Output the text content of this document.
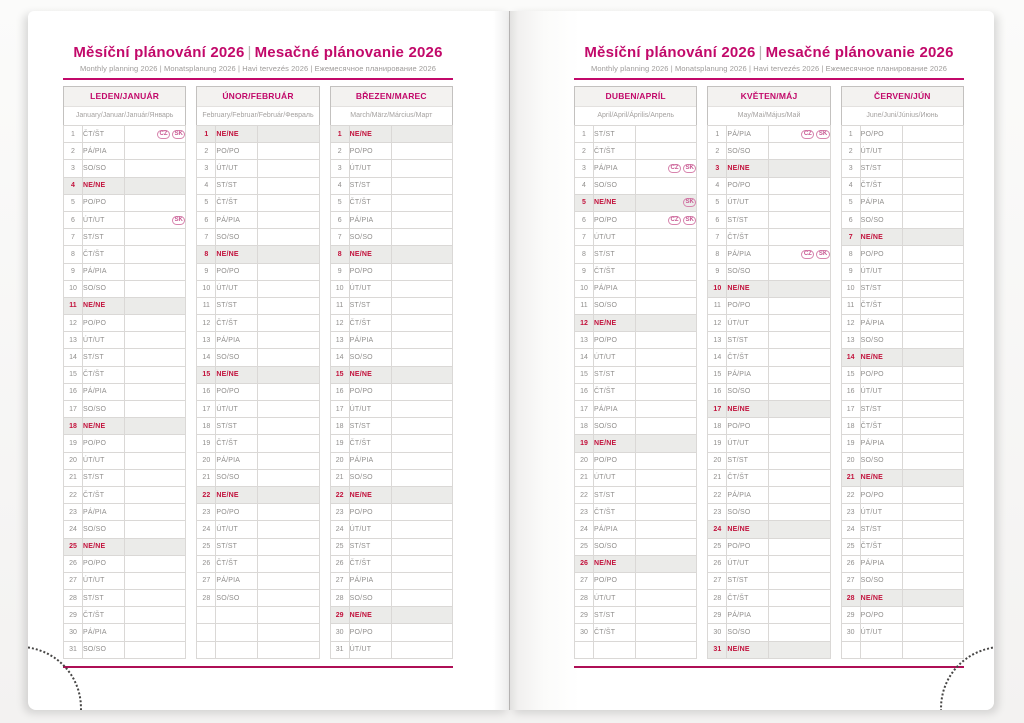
Měsíční plánování 2026 | Mesačné plánovanie 2026
Monthly planning 2026 | Monatsplanung 2026 | Havi tervezés 2026 | Ежемесячное планирование 2026
LEDEN/JANUÁR
January/Januar/Január/Январь
1	ČT/ŠT	CZ SK
2	PÁ/PIA	
3	SO/SO	
4	NE/NE	
5	PO/PO	
6	ÚT/UT	SK
7	ST/ST	
8	ČT/ŠT	
9	PÁ/PIA	
10	SO/SO	
11	NE/NE	
12	PO/PO	
13	ÚT/UT	
14	ST/ST	
15	ČT/ŠT	
16	PÁ/PIA	
17	SO/SO	
18	NE/NE	
19	PO/PO	
20	ÚT/UT	
21	ST/ST	
22	ČT/ŠT	
23	PÁ/PIA	
24	SO/SO	
25	NE/NE	
26	PO/PO	
27	ÚT/UT	
28	ST/ST	
29	ČT/ŠT	
30	PÁ/PIA	
31	SO/SO	
ÚNOR/FEBRUÁR
February/Februar/Február/Февраль
1	NE/NE	
2	PO/PO	
3	ÚT/UT	
4	ST/ST	
5	ČT/ŠT	
6	PÁ/PIA	
7	SO/SO	
8	NE/NE	
9	PO/PO	
10	ÚT/UT	
11	ST/ST	
12	ČT/ŠT	
13	PÁ/PIA	
14	SO/SO	
15	NE/NE	
16	PO/PO	
17	ÚT/UT	
18	ST/ST	
19	ČT/ŠT	
20	PÁ/PIA	
21	SO/SO	
22	NE/NE	
23	PO/PO	
24	ÚT/UT	
25	ST/ST	
26	ČT/ŠT	
27	PÁ/PIA	
28	SO/SO	

BŘEZEN/MAREC
March/März/Március/Март
1	NE/NE	
2	PO/PO	
3	ÚT/UT	
4	ST/ST	
5	ČT/ŠT	
6	PÁ/PIA	
7	SO/SO	
8	NE/NE	
9	PO/PO	
10	ÚT/UT	
11	ST/ST	
12	ČT/ŠT	
13	PÁ/PIA	
14	SO/SO	
15	NE/NE	
16	PO/PO	
17	ÚT/UT	
18	ST/ST	
19	ČT/ŠT	
20	PÁ/PIA	
21	SO/SO	
22	NE/NE	
23	PO/PO	
24	ÚT/UT	
25	ST/ST	
26	ČT/ŠT	
27	PÁ/PIA	
28	SO/SO	
29	NE/NE	
30	PO/PO	
31	ÚT/UT	
Měsíční plánování 2026 | Mesačné plánovanie 2026
Monthly planning 2026 | Monatsplanung 2026 | Havi tervezés 2026 | Ежемесячное планирование 2026
DUBEN/APRÍL
April/April/Április/Апрель
1	ST/ST	
2	ČT/ŠT	
3	PÁ/PIA	CZ SK
4	SO/SO	
5	NE/NE	SK
6	PO/PO	CZ SK
7	ÚT/UT	
8	ST/ST	
9	ČT/ŠT	
10	PÁ/PIA	
11	SO/SO	
12	NE/NE	
13	PO/PO	
14	ÚT/UT	
15	ST/ST	
16	ČT/ŠT	
17	PÁ/PIA	
18	SO/SO	
19	NE/NE	
20	PO/PO	
21	ÚT/UT	
22	ST/ST	
23	ČT/ŠT	
24	PÁ/PIA	
25	SO/SO	
26	NE/NE	
27	PO/PO	
28	ÚT/UT	
29	ST/ST	
30	ČT/ŠT	

KVĚTEN/MÁJ
May/Mai/Május/Май
1	PÁ/PIA	CZ SK
2	SO/SO	
3	NE/NE	
4	PO/PO	
5	ÚT/UT	
6	ST/ST	
7	ČT/ŠT	
8	PÁ/PIA	CZ SK
9	SO/SO	
10	NE/NE	
11	PO/PO	
12	ÚT/UT	
13	ST/ST	
14	ČT/ŠT	
15	PÁ/PIA	
16	SO/SO	
17	NE/NE	
18	PO/PO	
19	ÚT/UT	
20	ST/ST	
21	ČT/ŠT	
22	PÁ/PIA	
23	SO/SO	
24	NE/NE	
25	PO/PO	
26	ÚT/UT	
27	ST/ST	
28	ČT/ŠT	
29	PÁ/PIA	
30	SO/SO	
31	NE/NE	
ČERVEN/JÚN
June/Juni/Június/Июнь
1	PO/PO	
2	ÚT/UT	
3	ST/ST	
4	ČT/ŠT	
5	PÁ/PIA	
6	SO/SO	
7	NE/NE	
8	PO/PO	
9	ÚT/UT	
10	ST/ST	
11	ČT/ŠT	
12	PÁ/PIA	
13	SO/SO	
14	NE/NE	
15	PO/PO	
16	ÚT/UT	
17	ST/ST	
18	ČT/ŠT	
19	PÁ/PIA	
20	SO/SO	
21	NE/NE	
22	PO/PO	
23	ÚT/UT	
24	ST/ST	
25	ČT/ŠT	
26	PÁ/PIA	
27	SO/SO	
28	NE/NE	
29	PO/PO	
30	ÚT/UT	
